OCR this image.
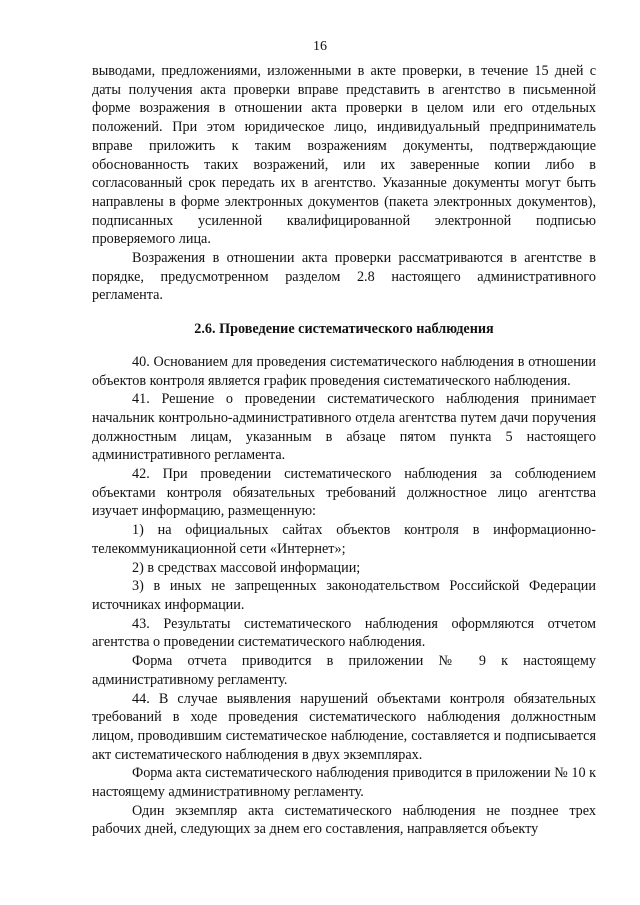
16

выводами, предложениями, изложенными в акте проверки, в течение 15 дней с даты получения акта проверки вправе представить в агентство в письменной форме возражения в отношении акта проверки в целом или его отдельных положений. При этом юридическое лицо, индивидуальный предприниматель вправе приложить к таким возражениям документы, подтверждающие обоснованность таких возражений, или их заверенные копии либо в согласованный срок передать их в агентство. Указанные документы могут быть направлены в форме электронных документов (пакета электронных документов), подписанных усиленной квалифицированной электронной подписью проверяемого лица.

Возражения в отношении акта проверки рассматриваются в агентстве в порядке, предусмотренном разделом 2.8 настоящего административного регламента.

2.6. Проведение систематического наблюдения

40. Основанием для проведения систематического наблюдения в отношении объектов контроля является график проведения систематического наблюдения.

41. Решение о проведении систематического наблюдения принимает начальник контрольно-административного отдела агентства путем дачи поручения должностным лицам, указанным в абзаце пятом пункта 5 настоящего административного регламента.

42. При проведении систематического наблюдения за соблюдением объектами контроля обязательных требований должностное лицо агентства изучает информацию, размещенную:

1) на официальных сайтах объектов контроля в информационно-телекоммуникационной сети «Интернет»;

2) в средствах массовой информации;

3) в иных не запрещенных законодательством Российской Федерации источниках информации.

43. Результаты систематического наблюдения оформляются отчетом агентства о проведении систематического наблюдения.

Форма отчета приводится в приложении № 9 к настоящему административному регламенту.

44. В случае выявления нарушений объектами контроля обязательных требований в ходе проведения систематического наблюдения должностным лицом, проводившим систематическое наблюдение, составляется и подписывается акт систематического наблюдения в двух экземплярах.

Форма акта систематического наблюдения приводится в приложении № 10 к настоящему административному регламенту.

Один экземпляр акта систематического наблюдения не позднее трех рабочих дней, следующих за днем его составления, направляется объекту
